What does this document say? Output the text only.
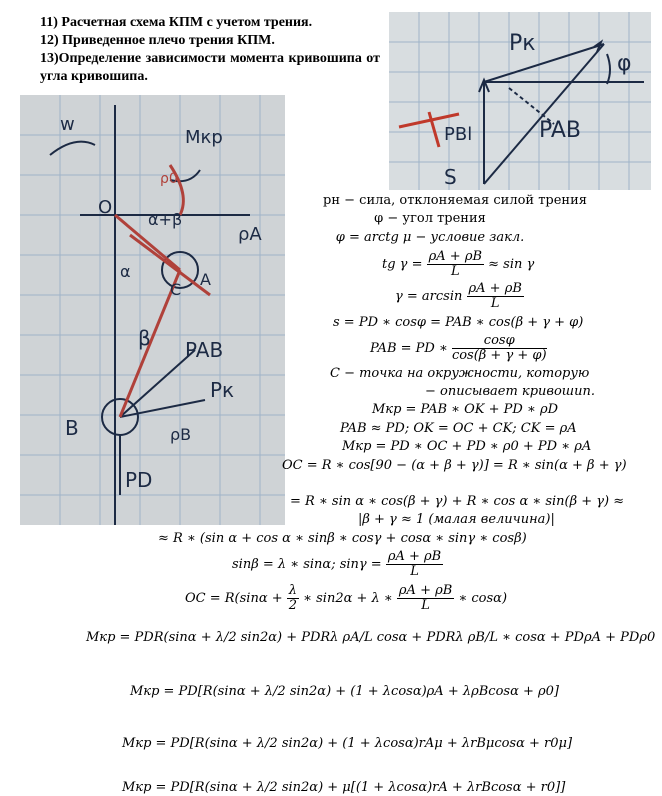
11) Расчетная схема КПМ с учетом трения.
12) Приведенное плечо трения КПМ.
13)Определение зависимости момента кривошипа от угла кривошипа.
Pк
φ
PBl	PAB
S
w
Mкр
ρ0
O
α+β
ρA
α	A
C
β PAB
Pк
B	ρB
PD
pн − сила, отклоняемая силой трения
φ − угол трения
φ = arctg μ − условие закл.
tg $\gamma = \frac{\rho A + \rho B}{L} \approx \sin \gamma$
$\gamma = \arcsin \frac{\rho A + \rho B}{L}$
s = PD ∗ cosφ = PAB ∗ cos(β + γ + φ)
PAB = PD ∗ $\frac{\cos\varphi}{\cos(\beta + \gamma + \varphi)}$
C − точка на окружности, которую
− описывает кривошип.
Mкр = PAB ∗ OK + PD ∗ ρD
PAB ≈ PD; OK = OC + CK; CK = ρA
Mкр = PD ∗ OC + PD ∗ ρ0 + PD ∗ ρA
OC = R ∗ cos[90 − (α + β + γ)] = R ∗ sin(α + β + γ)
= R ∗ sin α ∗ cos(β + γ) + R ∗ cos α ∗ sin(β + γ) ≈
|β + γ ≈ 1 (малая величина)|
≈ R ∗ (sin α + cos α ∗ sinβ ∗ cosγ + cosα ∗ sinγ ∗ cosβ)
sinβ = λ ∗ sinα; $\sin\gamma = \frac{\rho A + \rho B}{L}$
OC = $R(\sin\alpha + \frac{\lambda}{2}$ ∗ sin2α + λ ∗ $\frac{\rho A + \rho B}{L}$ ∗ cosα)
Mкр = PDR(sinα + λ/2 sin2α) + PDRλ ρA/L cosα + PDRλ ρB/L ∗ cosα + PDρA + PDρ0
Mкр = PD[R(sinα + λ/2 sin2α) + (1 + λcosα)ρA + λρBcosα + ρ0]
Mкр = PD[R(sinα + λ/2 sin2α) + (1 + λcosα)rAμ + λrBμcosα + r0μ]
Mкр = PD[R(sinα + λ/2 sin2α) + μ[(1 + λcosα)rA + λrBcosα + r0]]
